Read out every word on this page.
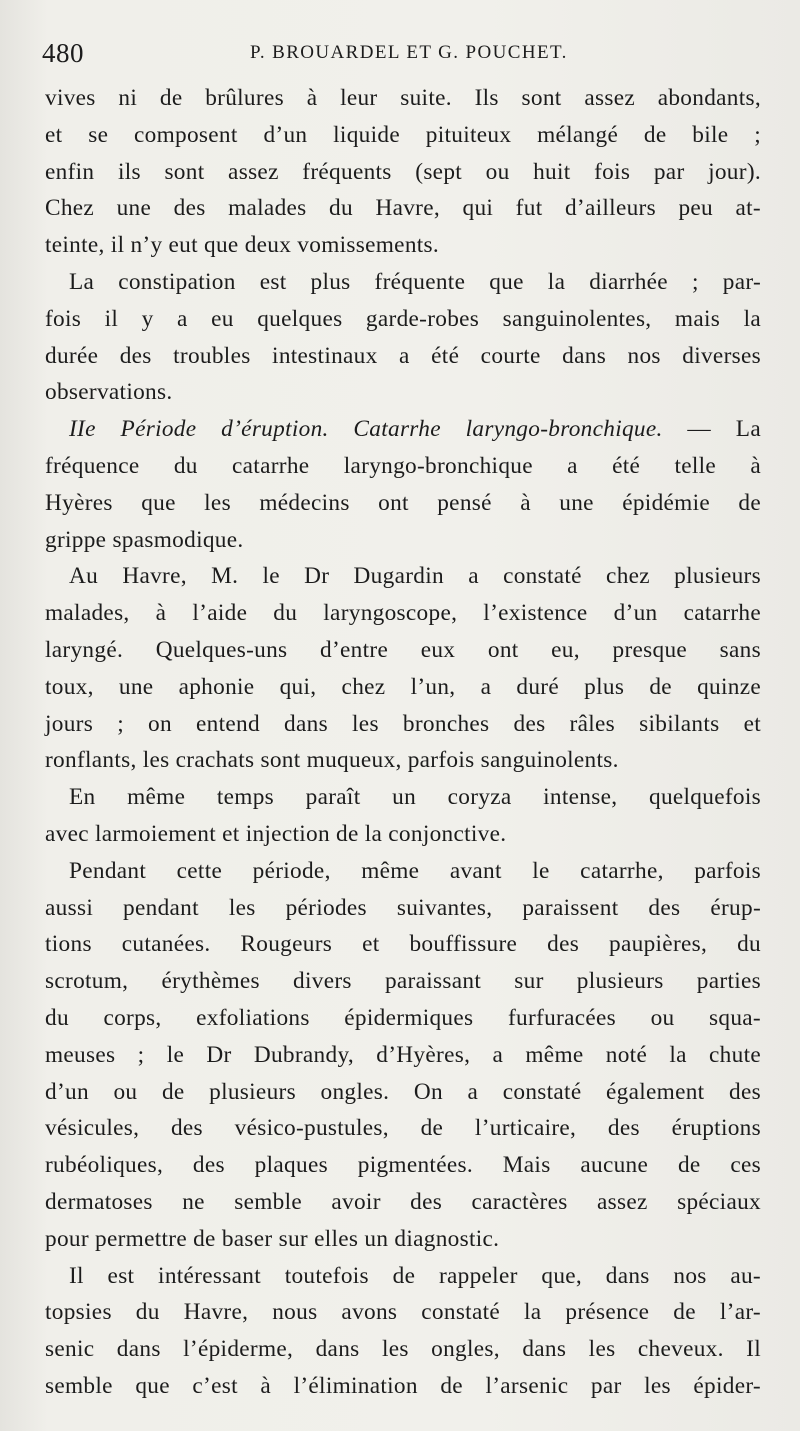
480	P. BROUARDEL ET G. POUCHET.

vives ni de brûlures à leur suite. Ils sont assez abondants,
et se composent d’un liquide pituiteux mélangé de bile ;
enfin ils sont assez fréquents (sept ou huit fois par jour).
Chez une des malades du Havre, qui fut d’ailleurs peu at-
teinte, il n’y eut que deux vomissements.

La constipation est plus fréquente que la diarrhée ; par-
fois il y a eu quelques garde-robes sanguinolentes, mais la
durée des troubles intestinaux a été courte dans nos diverses
observations.

IIe Période d’éruption. Catarrhe laryngo-bronchique. — La
fréquence du catarrhe laryngo-bronchique a été telle à
Hyères que les médecins ont pensé à une épidémie de
grippe spasmodique.

Au Havre, M. le Dr Dugardin a constaté chez plusieurs
malades, à l’aide du laryngoscope, l’existence d’un catarrhe
laryngé. Quelques-uns d’entre eux ont eu, presque sans
toux, une aphonie qui, chez l’un, a duré plus de quinze
jours ; on entend dans les bronches des râles sibilants et
ronflants, les crachats sont muqueux, parfois sanguinolents.

En même temps paraît un coryza intense, quelquefois
avec larmoiement et injection de la conjonctive.

Pendant cette période, même avant le catarrhe, parfois
aussi pendant les périodes suivantes, paraissent des érup-
tions cutanées. Rougeurs et bouffissure des paupières, du
scrotum, érythèmes divers paraissant sur plusieurs parties
du corps, exfoliations épidermiques furfuracées ou squa-
meuses ; le Dr Dubrandy, d’Hyères, a même noté la chute
d’un ou de plusieurs ongles. On a constaté également des
vésicules, des vésico-pustules, de l’urticaire, des éruptions
rubéoliques, des plaques pigmentées. Mais aucune de ces
dermatoses ne semble avoir des caractères assez spéciaux
pour permettre de baser sur elles un diagnostic.

Il est intéressant toutefois de rappeler que, dans nos au-
topsies du Havre, nous avons constaté la présence de l’ar-
senic dans l’épiderme, dans les ongles, dans les cheveux. Il
semble que c’est à l’élimination de l’arsenic par les épider-
